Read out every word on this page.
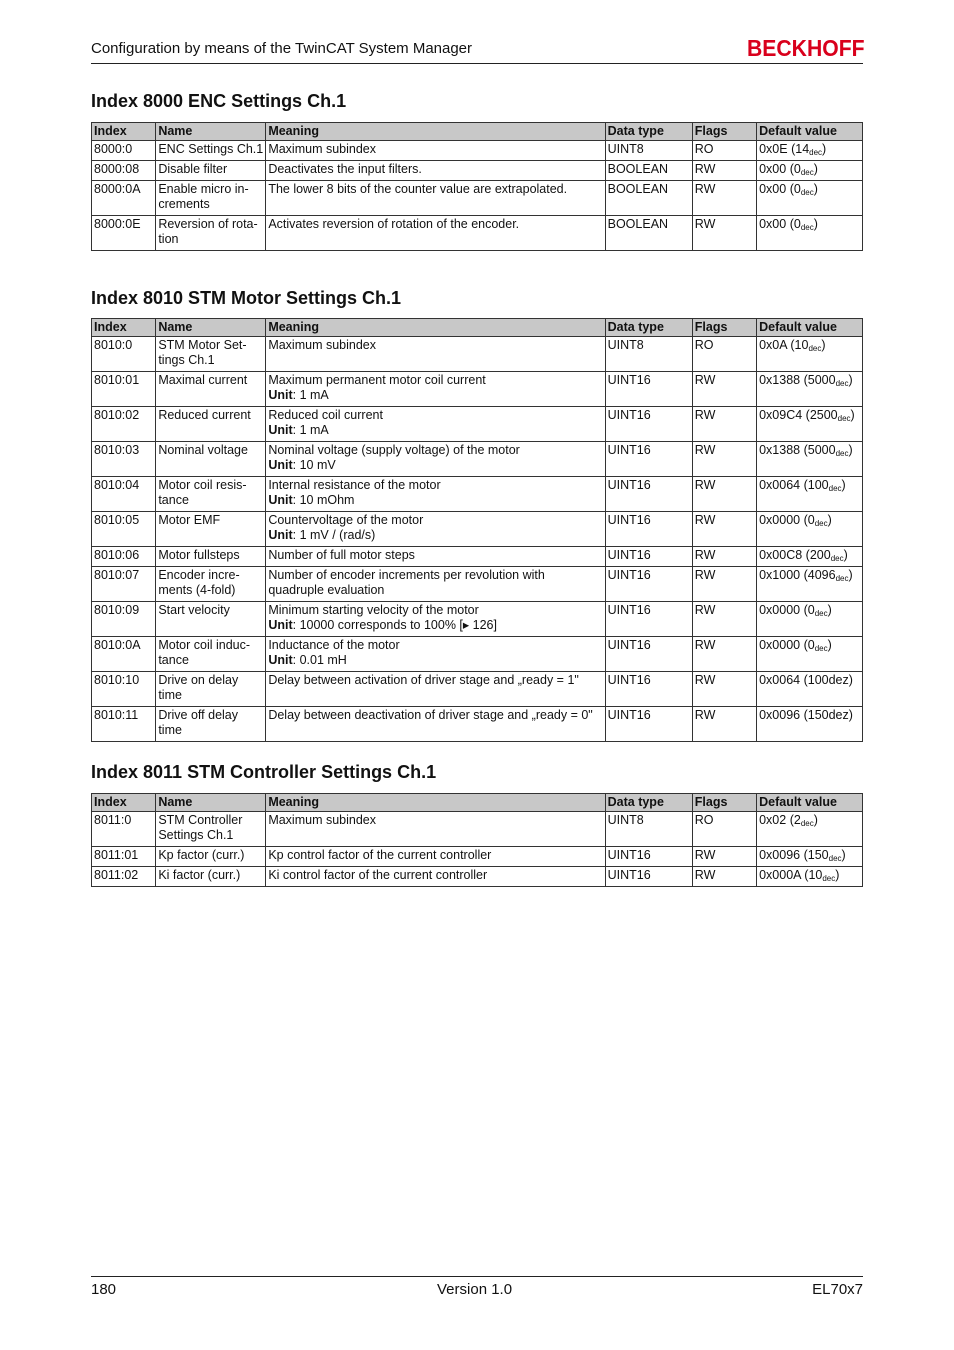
Configuration by means of the TwinCAT System Manager	BECKHOFF
Index 8000 ENC Settings Ch.1
Index	Name	Meaning	Data type	Flags	Default value
8000:0	ENC Settings Ch.1	Maximum subindex	UINT8	RO	0x0E $(14_{dec})$
8000:08	Disable filter	Deactivates the input filters.	BOOLEAN	RW	0x00 $(0_{dec})$
8000:0A	Enable micro in-crements	The lower 8 bits of the counter value are extrapolated.	BOOLEAN	RW	0x00 $(0_{dec})$
8000:0E	Reversion of rota-tion	Activates reversion of rotation of the encoder.	BOOLEAN	RW	0x00 $(0_{dec})$
Index 8010 STM Motor Settings Ch.1
Index	Name	Meaning	Data type	Flags	Default value
8010:0	STM Motor Set-tings Ch.1	Maximum subindex	UINT8	RO	0x0A $(10_{dec})$
8010:01	Maximal current	Maximum permanent motor coil current
Unit: 1 mA	UINT16	RW	0x1388 $(5000_{dec})$
8010:02	Reduced current	Reduced coil current
Unit: 1 mA	UINT16	RW	0x09C4 $(2500_{dec})$
8010:03	Nominal voltage	Nominal voltage (supply voltage) of the motor
Unit: 10 mV	UINT16	RW	0x1388 $(5000_{dec})$
8010:04	Motor coil resis-tance	Internal resistance of the motor
Unit: 10 mOhm	UINT16	RW	0x0064 $(100_{dec})$
8010:05	Motor EMF	Countervoltage of the motor
Unit: 1 mV / (rad/s)	UINT16	RW	0x0000 $(0_{dec})$
8010:06	Motor fullsteps	Number of full motor steps	UINT16	RW	0x00C8 $(200_{dec})$
8010:07	Encoder incre-ments (4-fold)	Number of encoder increments per revolution with quadruple evaluation	UINT16	RW	0x1000 $(4096_{dec})$
8010:09	Start velocity	Minimum starting velocity of the motor
Unit: 10000 corresponds to 100% [▸ 126]	UINT16	RW	0x0000 $(0_{dec})$
8010:0A	Motor coil induc-tance	Inductance of the motor
Unit: 0.01 mH	UINT16	RW	0x0000 $(0_{dec})$
8010:10	Drive on delay time	Delay between activation of driver stage and „ready = 1"	UINT16	RW	0x0064 (100dez)
8010:11	Drive off delay time	Delay between deactivation of driver stage and „ready = 0"	UINT16	RW	0x0096 (150dez)
Index 8011 STM Controller Settings Ch.1
Index	Name	Meaning	Data type	Flags	Default value
8011:0	STM Controller Settings Ch.1	Maximum subindex	UINT8	RO	0x02 $(2_{dec})$
8011:01	Kp factor (curr.)	Kp control factor of the current controller	UINT16	RW	0x0096 $(150_{dec})$
8011:02	Ki factor (curr.)	Ki control factor of the current controller	UINT16	RW	0x000A $(10_{dec})$
180	Version 1.0	EL70x7
